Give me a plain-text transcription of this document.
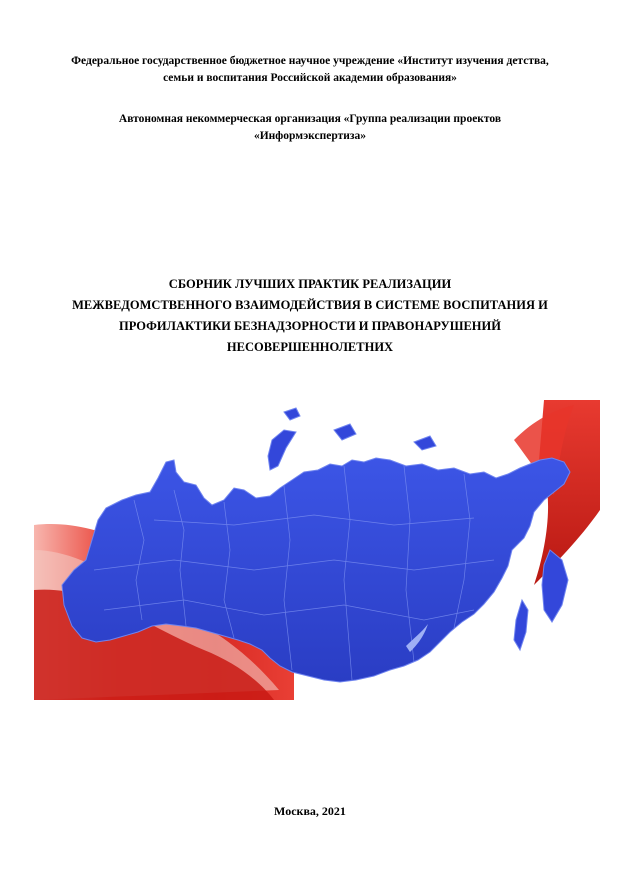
Федеральное государственное бюджетное научное учреждение «Институт изучения детства,
семьи и воспитания Российской академии образования»
Автономная некоммерческая организация «Группа реализации проектов
«Информэкспертиза»
СБОРНИК ЛУЧШИХ ПРАКТИК РЕАЛИЗАЦИИ
МЕЖВЕДОМСТВЕННОГО ВЗАИМОДЕЙСТВИЯ В СИСТЕМЕ ВОСПИТАНИЯ И
ПРОФИЛАКТИКИ БЕЗНАДЗОРНОСТИ И ПРАВОНАРУШЕНИЙ
НЕСОВЕРШЕННОЛЕТНИХ
Москва, 2021
